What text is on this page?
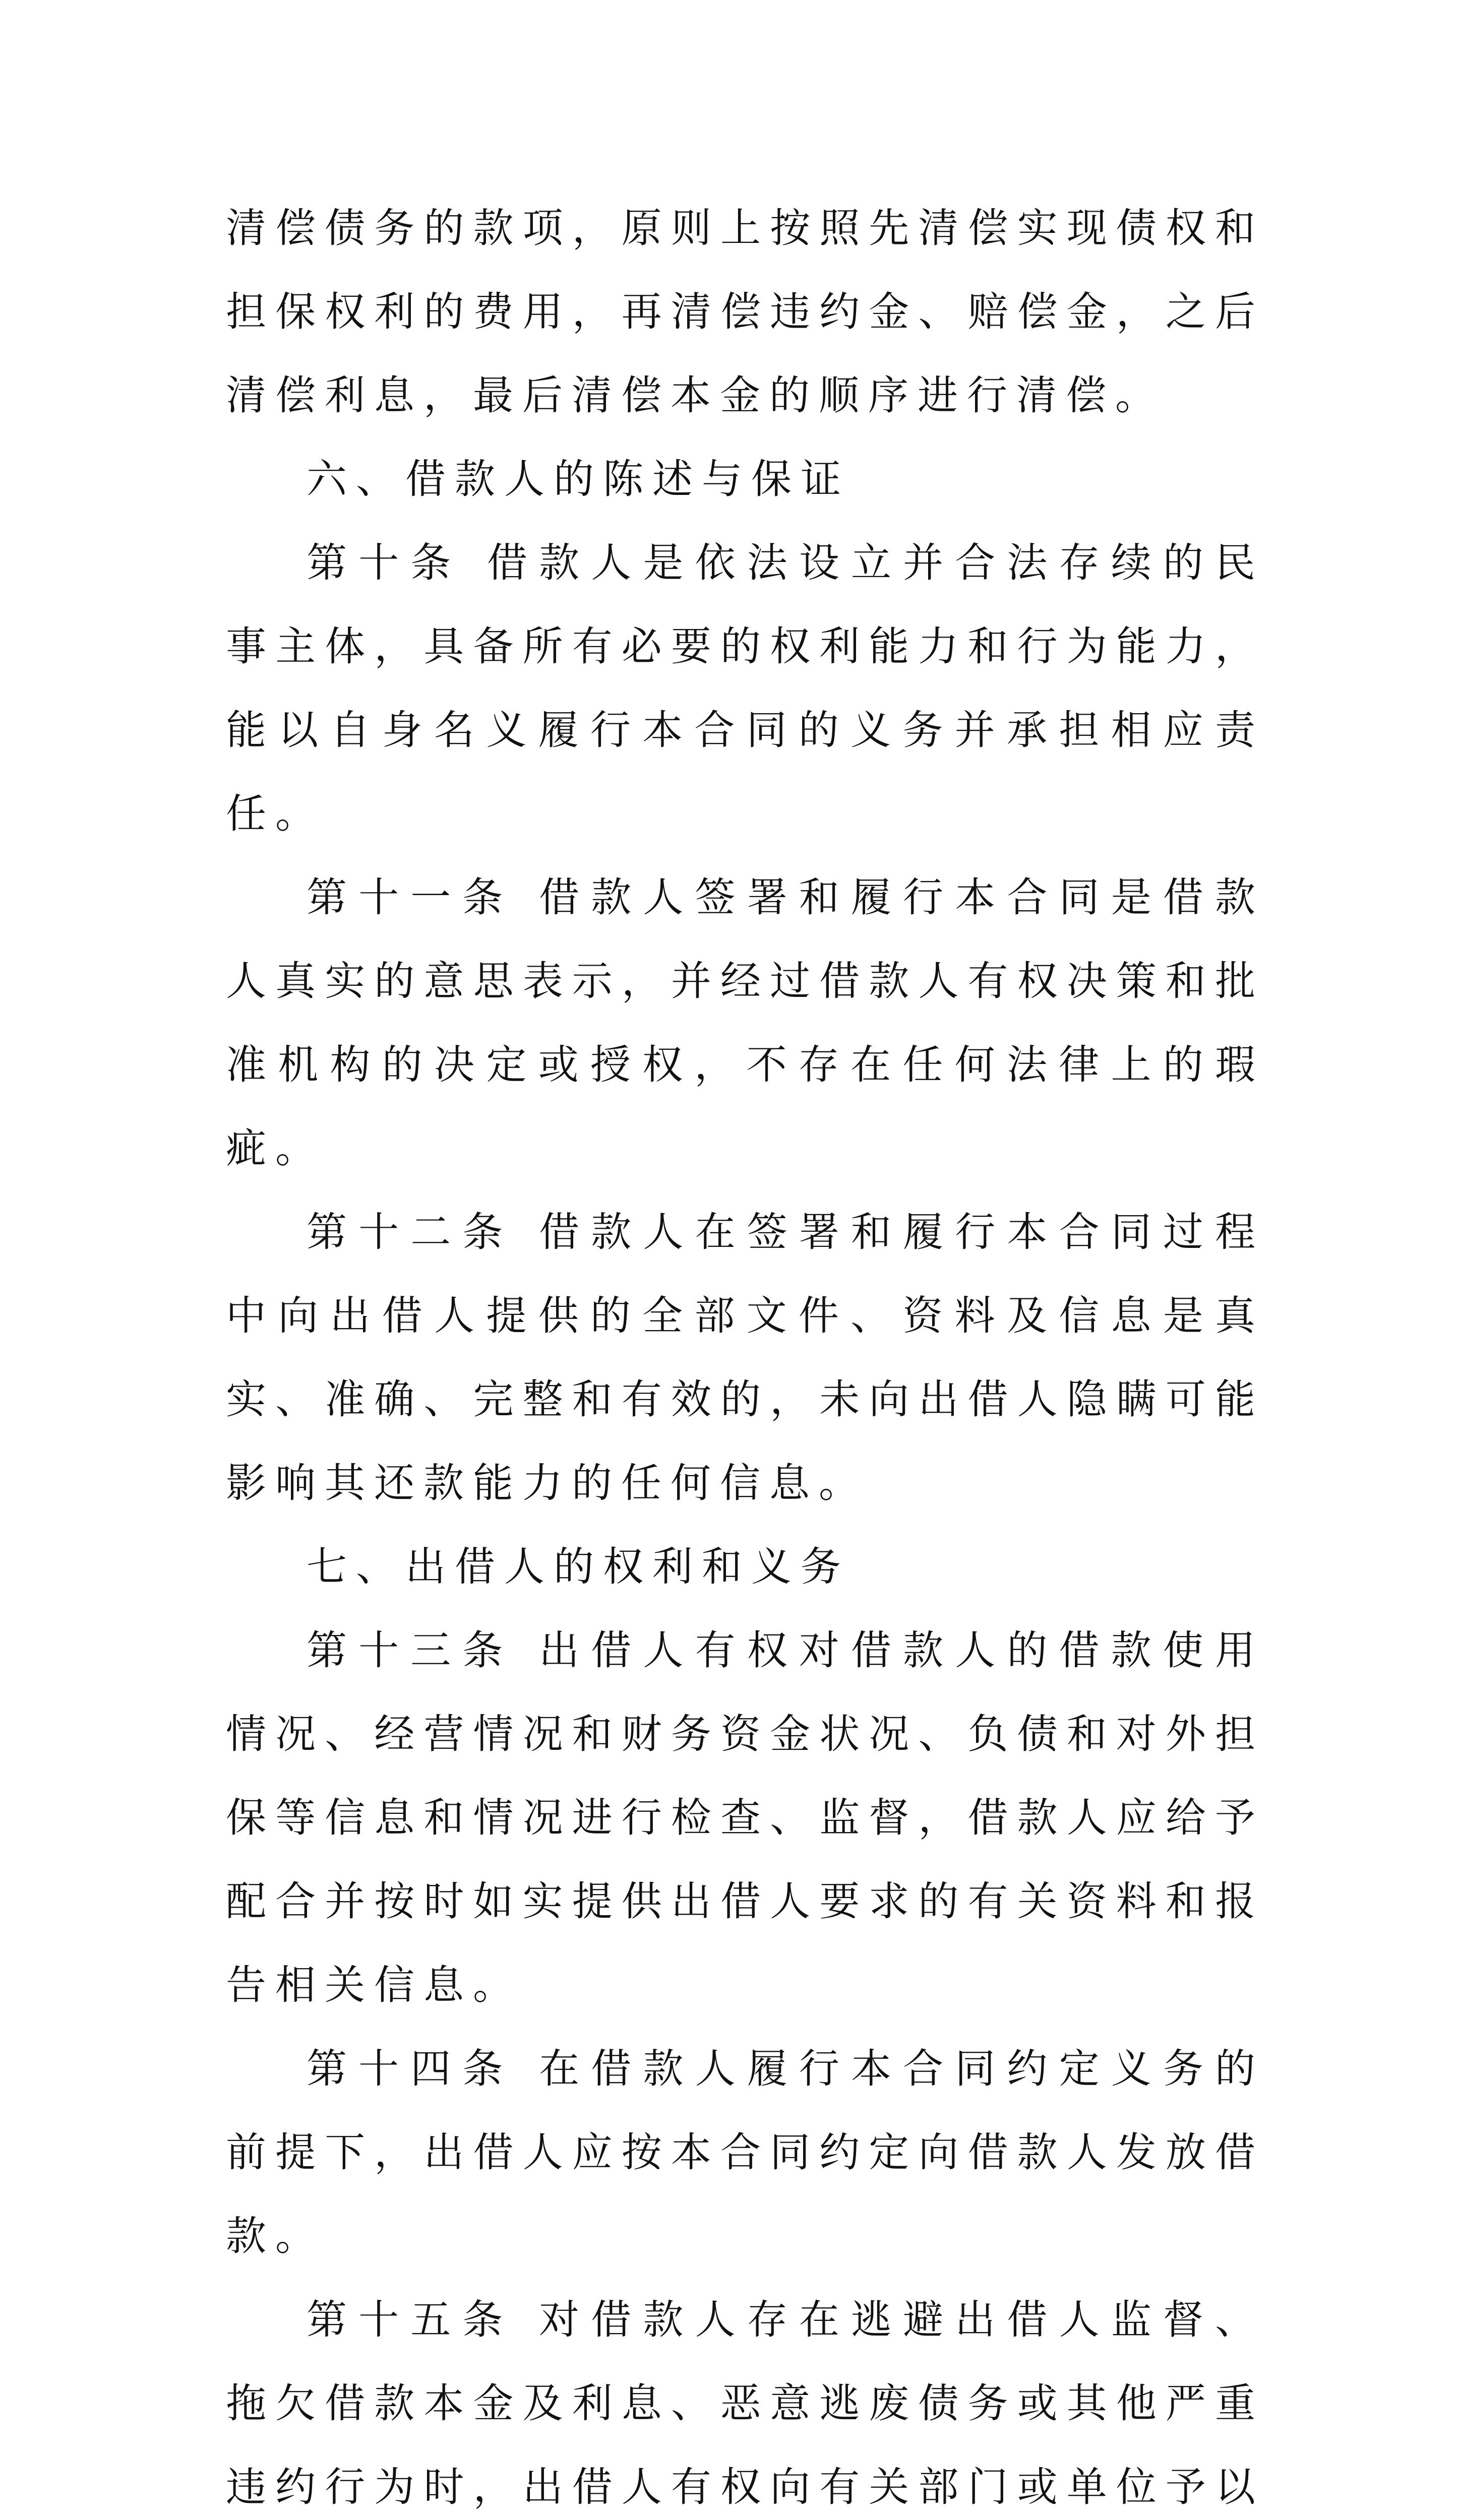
清偿债务的款项，原则上按照先清偿实现债权和担保权利的费用，再清偿违约金、赔偿金，之后清偿利息，最后清偿本金的顺序进行清偿。

六、借款人的陈述与保证

第十条 借款人是依法设立并合法存续的民事主体，具备所有必要的权利能力和行为能力，能以自身名义履行本合同的义务并承担相应责任。

第十一条 借款人签署和履行本合同是借款人真实的意思表示，并经过借款人有权决策和批准机构的决定或授权，不存在任何法律上的瑕疵。

第十二条 借款人在签署和履行本合同过程中向出借人提供的全部文件、资料及信息是真实、准确、完整和有效的，未向出借人隐瞒可能影响其还款能力的任何信息。

七、出借人的权利和义务

第十三条 出借人有权对借款人的借款使用情况、经营情况和财务资金状况、负债和对外担保等信息和情况进行检查、监督，借款人应给予配合并按时如实提供出借人要求的有关资料和报告相关信息。

第十四条 在借款人履行本合同约定义务的前提下，出借人应按本合同约定向借款人发放借款。

第十五条 对借款人存在逃避出借人监督、拖欠借款本金及利息、恶意逃废债务或其他严重违约行为时，出借人有权向有关部门或单位予以
